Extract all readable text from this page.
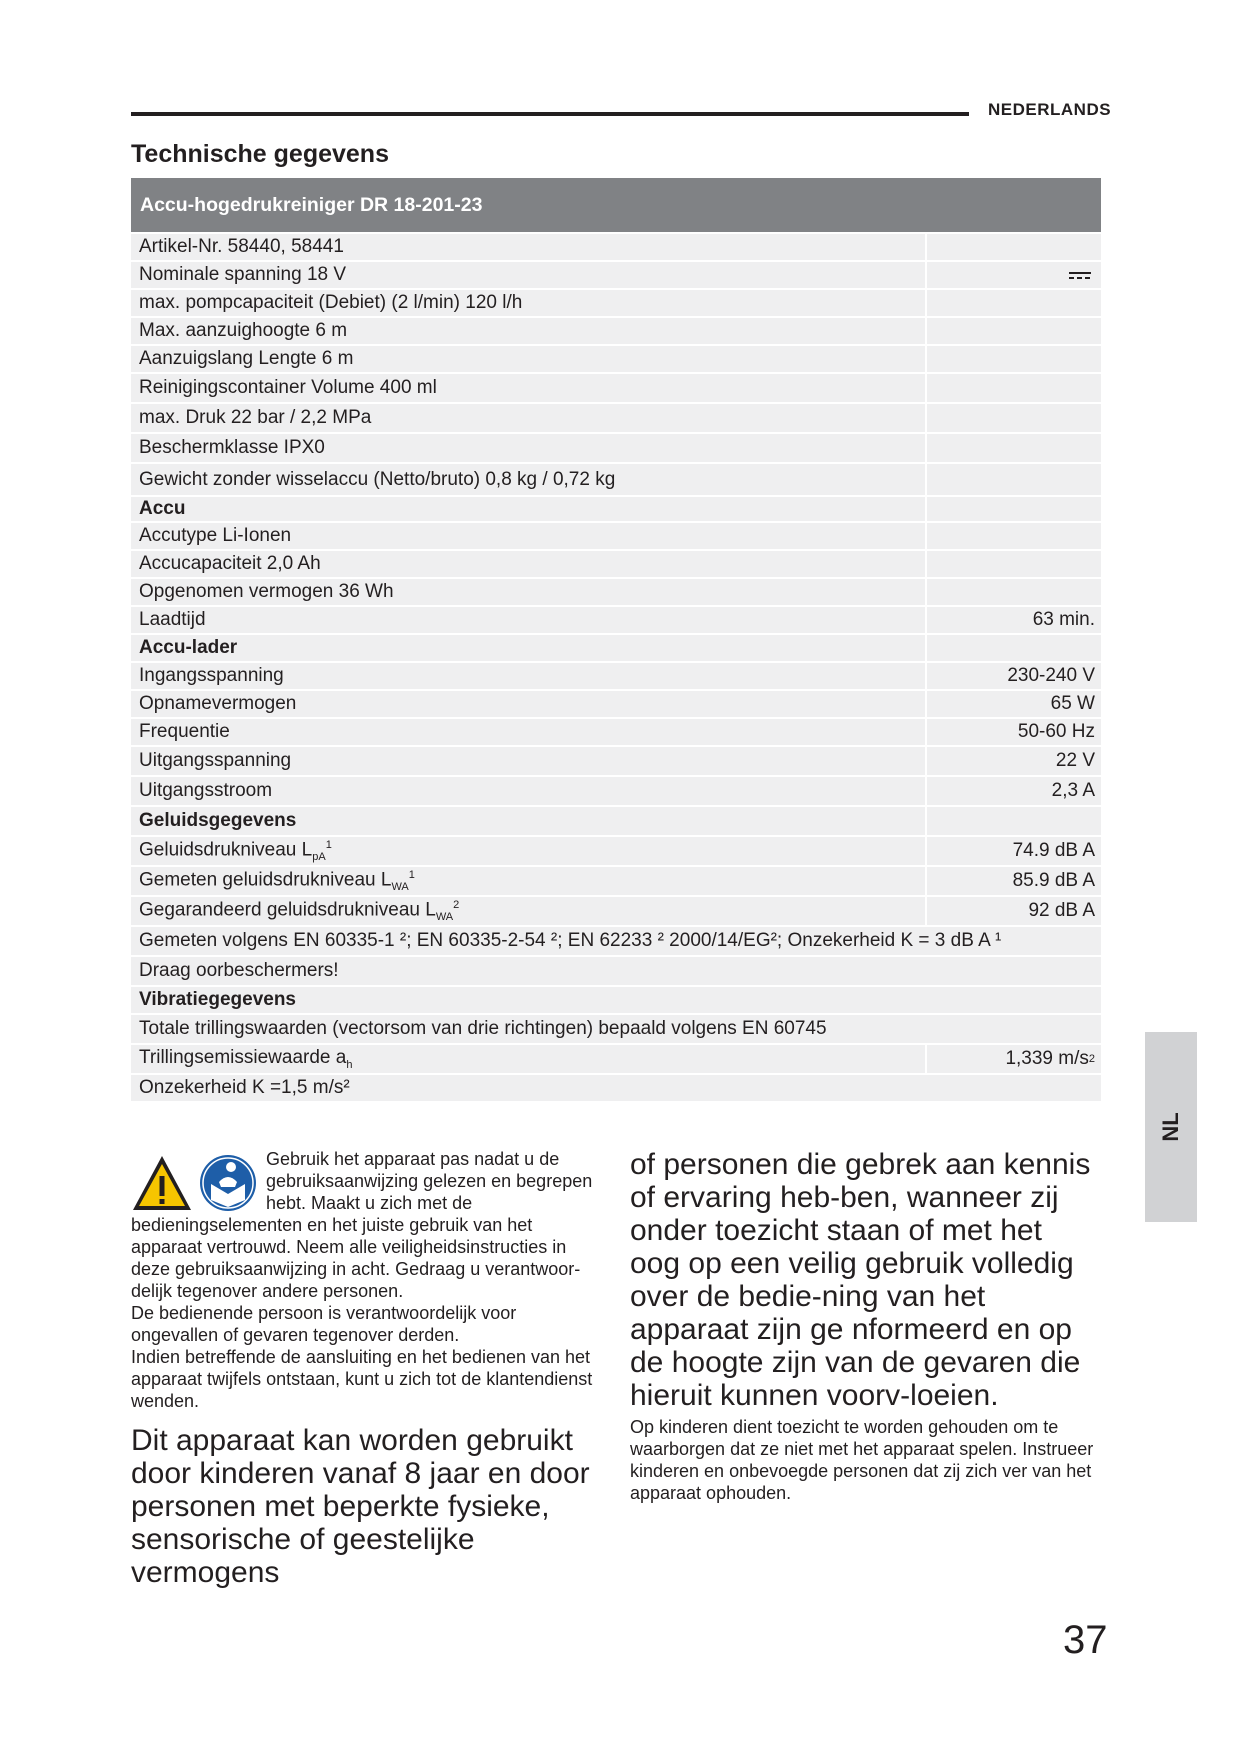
NEDERLANDS
Technische gegevens
Accu-hogedrukreiniger DR 18-201-23
Artikel-Nr. 58440, 58441
Nominale spanning 18 V
max. pompcapaciteit (Debiet) (2 l/min) 120 l/h
Max. aanzuighoogte 6 m
Aanzuigslang Lengte 6 m
Reinigingscontainer Volume 400 ml
max. Druk 22 bar / 2,2 MPa
Beschermklasse IPX0
Gewicht zonder wisselaccu (Netto/bruto) 0,8 kg / 0,72 kg
Accu
Accutype Li-Ionen
Accucapaciteit 2,0 Ah
Opgenomen vermogen 36 Wh
Laadtijd	63 min.
Accu-lader
Ingangsspanning	230-240 V
Opnamevermogen	65 W
Frequentie	50-60 Hz
Uitgangsspanning	22 V
Uitgangsstroom	2,3 A
Geluidsgegevens
Geluidsdrukniveau $L_{pA}^1$	74.9 dB A
Gemeten geluidsdrukniveau $L_{WA}^1$	85.9 dB A
Gegarandeerd geluidsdrukniveau $L_{WA}^2$	92 dB A
Gemeten volgens EN 60335-1 ²; EN 60335-2-54 ²; EN 62233 ² 2000/14/EG²; Onzekerheid K = 3 dB A ¹
Draag oorbeschermers!
Vibratiegegevens
Totale trillingswaarden (vectorsom van drie richtingen) bepaald volgens EN 60745
Trillingsemissiewaarde $a_h$	1,339 m/s 2
Onzekerheid K =1,5 m/s²
Gebruik het apparaat pas nadat u de gebruiksaanwijzing gelezen en begrepen hebt. Maakt u zich met de bedieningselementen en het juiste gebruik van het apparaat vertrouwd. Neem alle veiligheidsinstructies in deze gebruiksaanwijzing in acht. Gedraag u verantwoor-delijk tegenover andere personen.
De bedienende persoon is verantwoordelijk voor ongevallen of gevaren tegenover derden.
Indien betreffende de aansluiting en het bedienen van het apparaat twijfels ontstaan, kunt u zich tot de klantendienst wenden.
Dit apparaat kan worden gebruikt door kinderen vanaf 8 jaar en door personen met beperkte fysieke, sensorische of geestelijke vermogens
of personen die gebrek aan kennis of ervaring heb-ben, wanneer zij onder toezicht staan of met het oog op een veilig gebruik volledig over de bedie-ning van het apparaat zijn ge nformeerd en op de hoogte zijn van de gevaren die hieruit kunnen voorv-loeien.
Op kinderen dient toezicht te worden gehouden om te waarborgen dat ze niet met het apparaat spelen. Instrueer kinderen en onbevoegde personen dat zij zich ver van het apparaat ophouden.
NL
37
